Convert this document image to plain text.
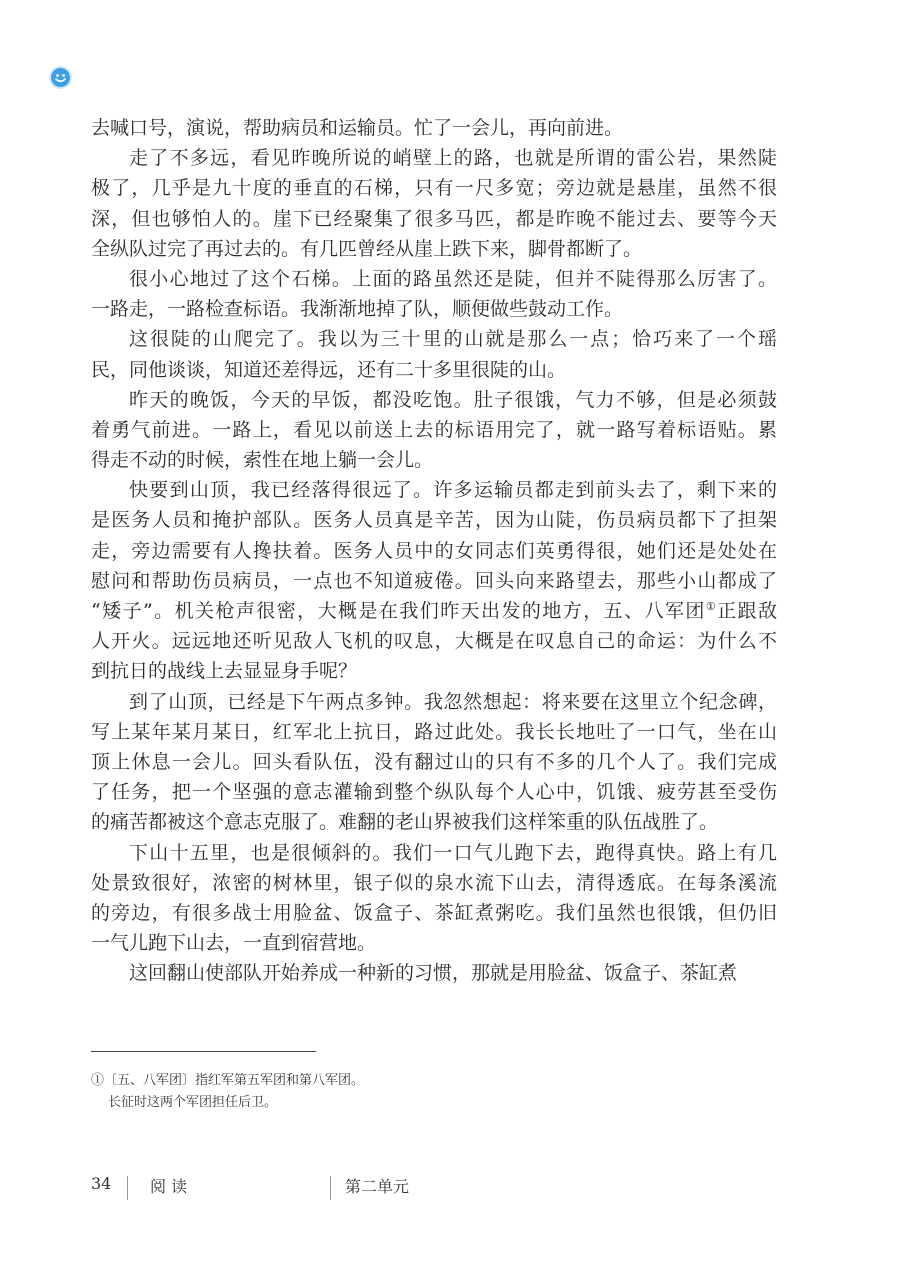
去喊口号，演说，帮助病员和运输员。忙了一会儿，再向前进。
走了不多远，看见昨晚所说的峭壁上的路，也就是所谓的雷公岩，果然陡
极了，几乎是九十度的垂直的石梯，只有一尺多宽；旁边就是悬崖，虽然不很
深，但也够怕人的。崖下已经聚集了很多马匹，都是昨晚不能过去、要等今天
全纵队过完了再过去的。有几匹曾经从崖上跌下来，脚骨都断了。
很小心地过了这个石梯。上面的路虽然还是陡，但并不陡得那么厉害了。
一路走，一路检查标语。我渐渐地掉了队，顺便做些鼓动工作。
这很陡的山爬完了。我以为三十里的山就是那么一点；恰巧来了一个瑶
民，同他谈谈，知道还差得远，还有二十多里很陡的山。
昨天的晚饭，今天的早饭，都没吃饱。肚子很饿，气力不够，但是必须鼓
着勇气前进。一路上，看见以前送上去的标语用完了，就一路写着标语贴。累
得走不动的时候，索性在地上躺一会儿。
快要到山顶，我已经落得很远了。许多运输员都走到前头去了，剩下来的
是医务人员和掩护部队。医务人员真是辛苦，因为山陡，伤员病员都下了担架
走，旁边需要有人搀扶着。医务人员中的女同志们英勇得很，她们还是处处在
慰问和帮助伤员病员，一点也不知道疲倦。回头向来路望去，那些小山都成了
“矮子”。机关枪声很密，大概是在我们昨天出发的地方，五、八军团①正跟敌
人开火。远远地还听见敌人飞机的叹息，大概是在叹息自己的命运：为什么不
到抗日的战线上去显显身手呢？
到了山顶，已经是下午两点多钟。我忽然想起：将来要在这里立个纪念碑，
写上某年某月某日，红军北上抗日，路过此处。我长长地吐了一口气，坐在山
顶上休息一会儿。回头看队伍，没有翻过山的只有不多的几个人了。我们完成
了任务，把一个坚强的意志灌输到整个纵队每个人心中，饥饿、疲劳甚至受伤
的痛苦都被这个意志克服了。难翻的老山界被我们这样笨重的队伍战胜了。
下山十五里，也是很倾斜的。我们一口气儿跑下去，跑得真快。路上有几
处景致很好，浓密的树林里，银子似的泉水流下山去，清得透底。在每条溪流
的旁边，有很多战士用脸盆、饭盒子、茶缸煮粥吃。我们虽然也很饿，但仍旧
一气儿跑下山去，一直到宿营地。
这回翻山使部队开始养成一种新的习惯，那就是用脸盆、饭盒子、茶缸煮
①〔五、八军团〕指红军第五军团和第八军团。
长征时这两个军团担任后卫。
34 阅 读	第二单元
